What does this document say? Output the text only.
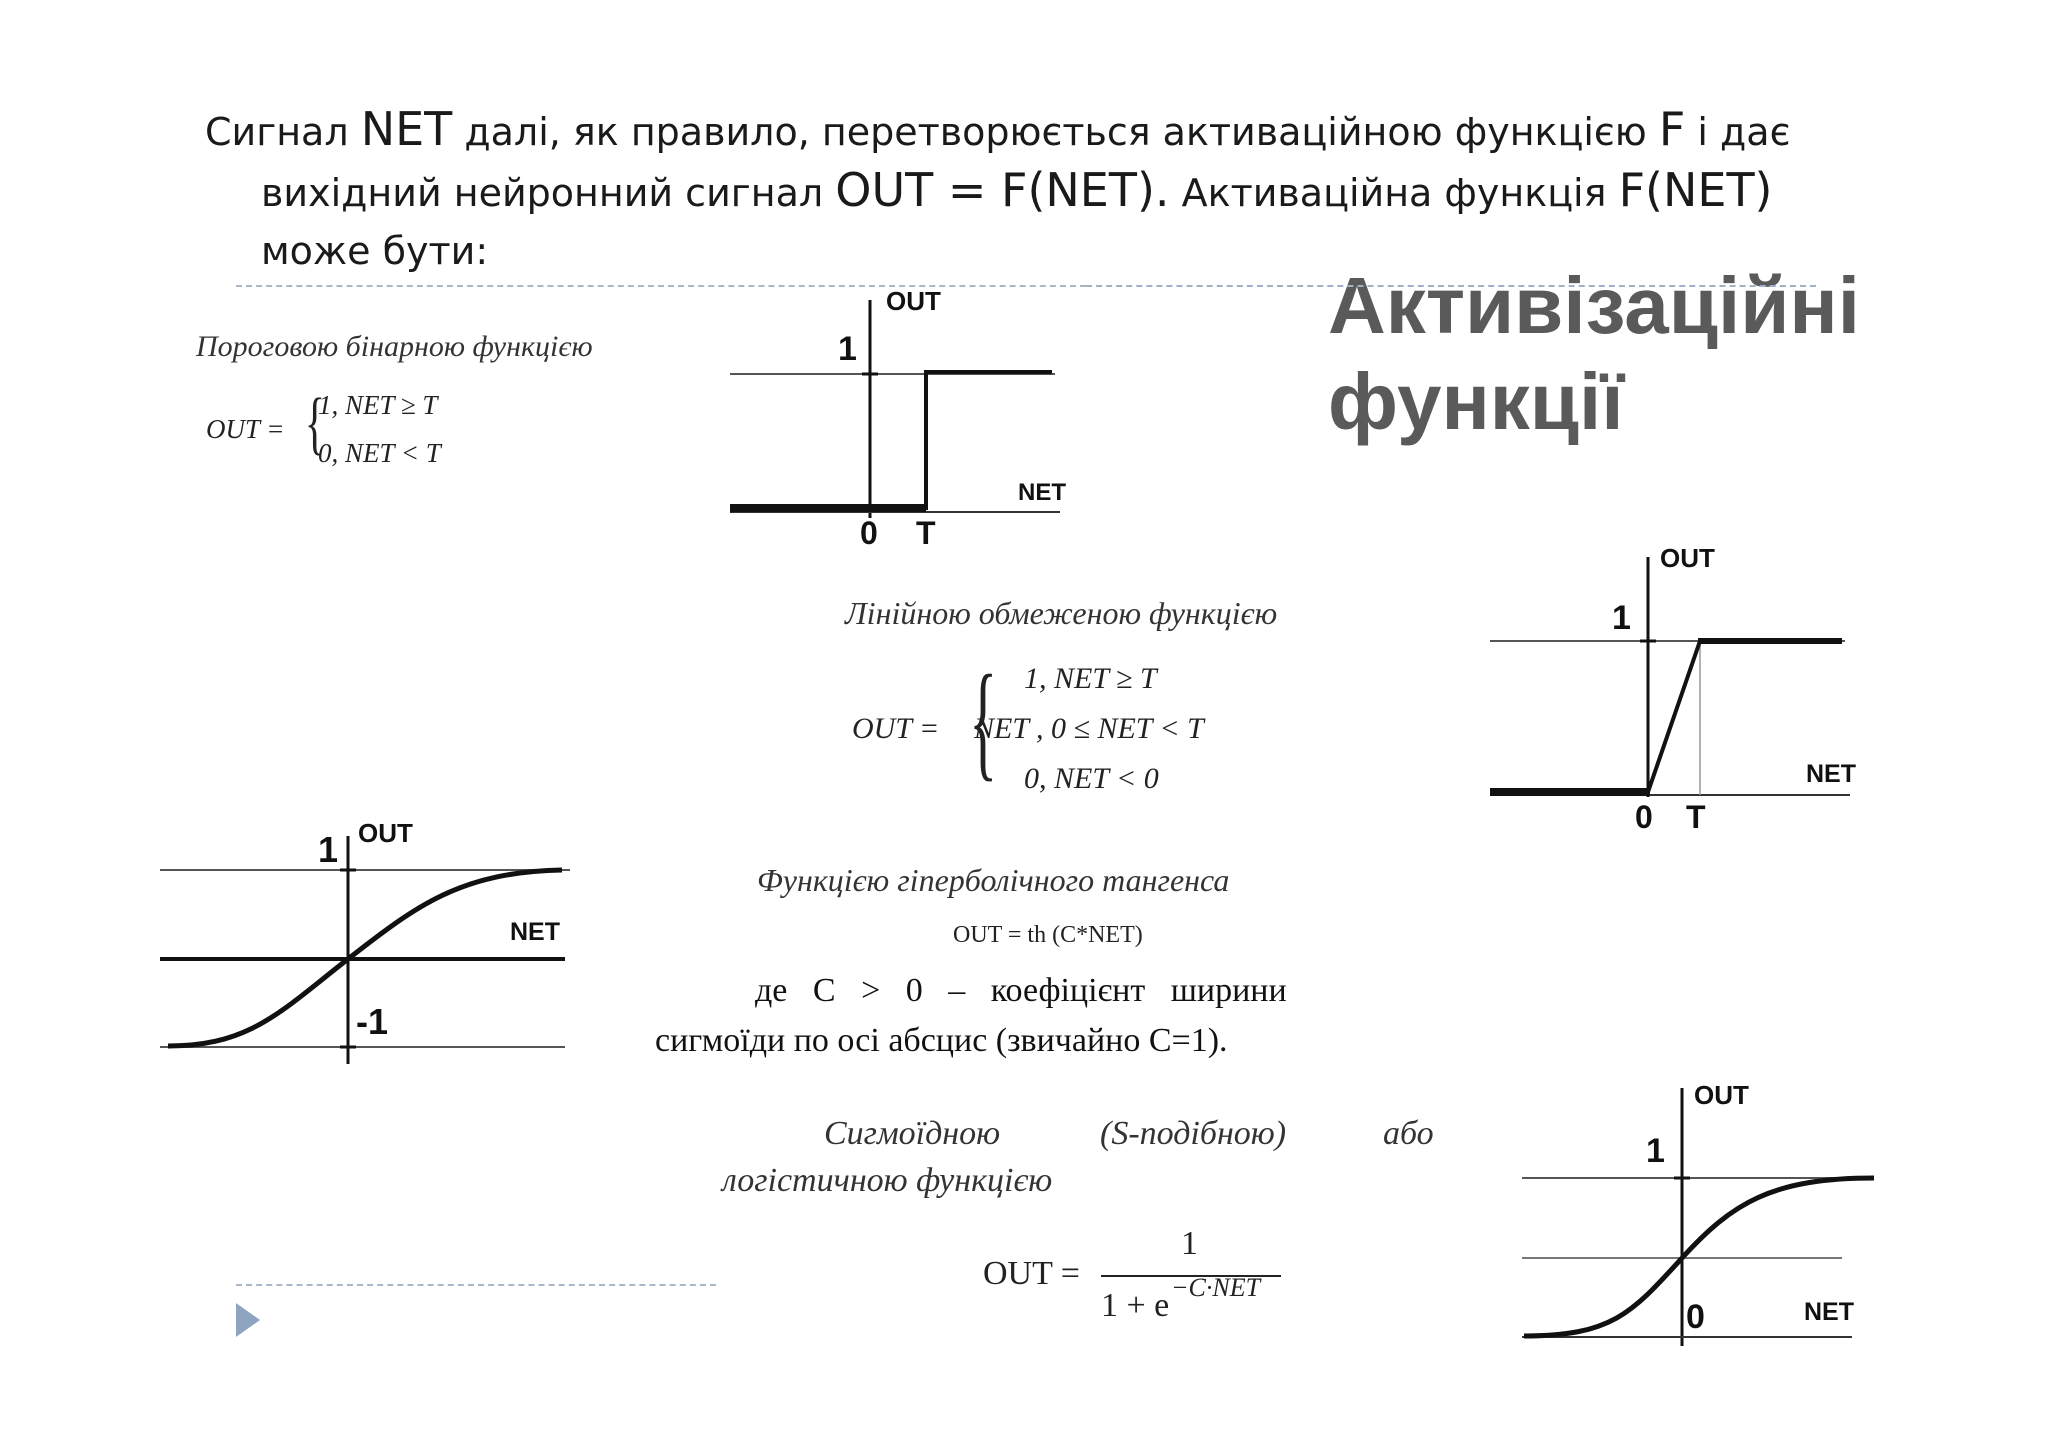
Сигнал NET далі, як правило, перетворюється активаційною функцією F і дає
вихідний нейронний сигнал OUT = F(NET). Активаційна функція F(NET)
може бути:
Активізаційні
функції
Пороговою бінарною функцією
OUT = {
1, NET ≥ T
0, NET < T
OUT
1
NET
0 T
Лінійною обмеженою функцією
OUT = { 1, NET ≥ T
NET , 0 ≤ NET < T
0, NET < 0
OUT
1
NET
0 T
OUT
1
NET
-1
Функцією гіперболічного тангенса
OUT = th (C*NET)
де   C   >   0   –   коефіцієнт   ширини
сигмоїди по осі абсцис (звичайно C=1).
Сигмоїдною	(S-подібною)	або
логістичною функцією
OUT =
1
1 + e −C·NET
OUT
1
0	NET
